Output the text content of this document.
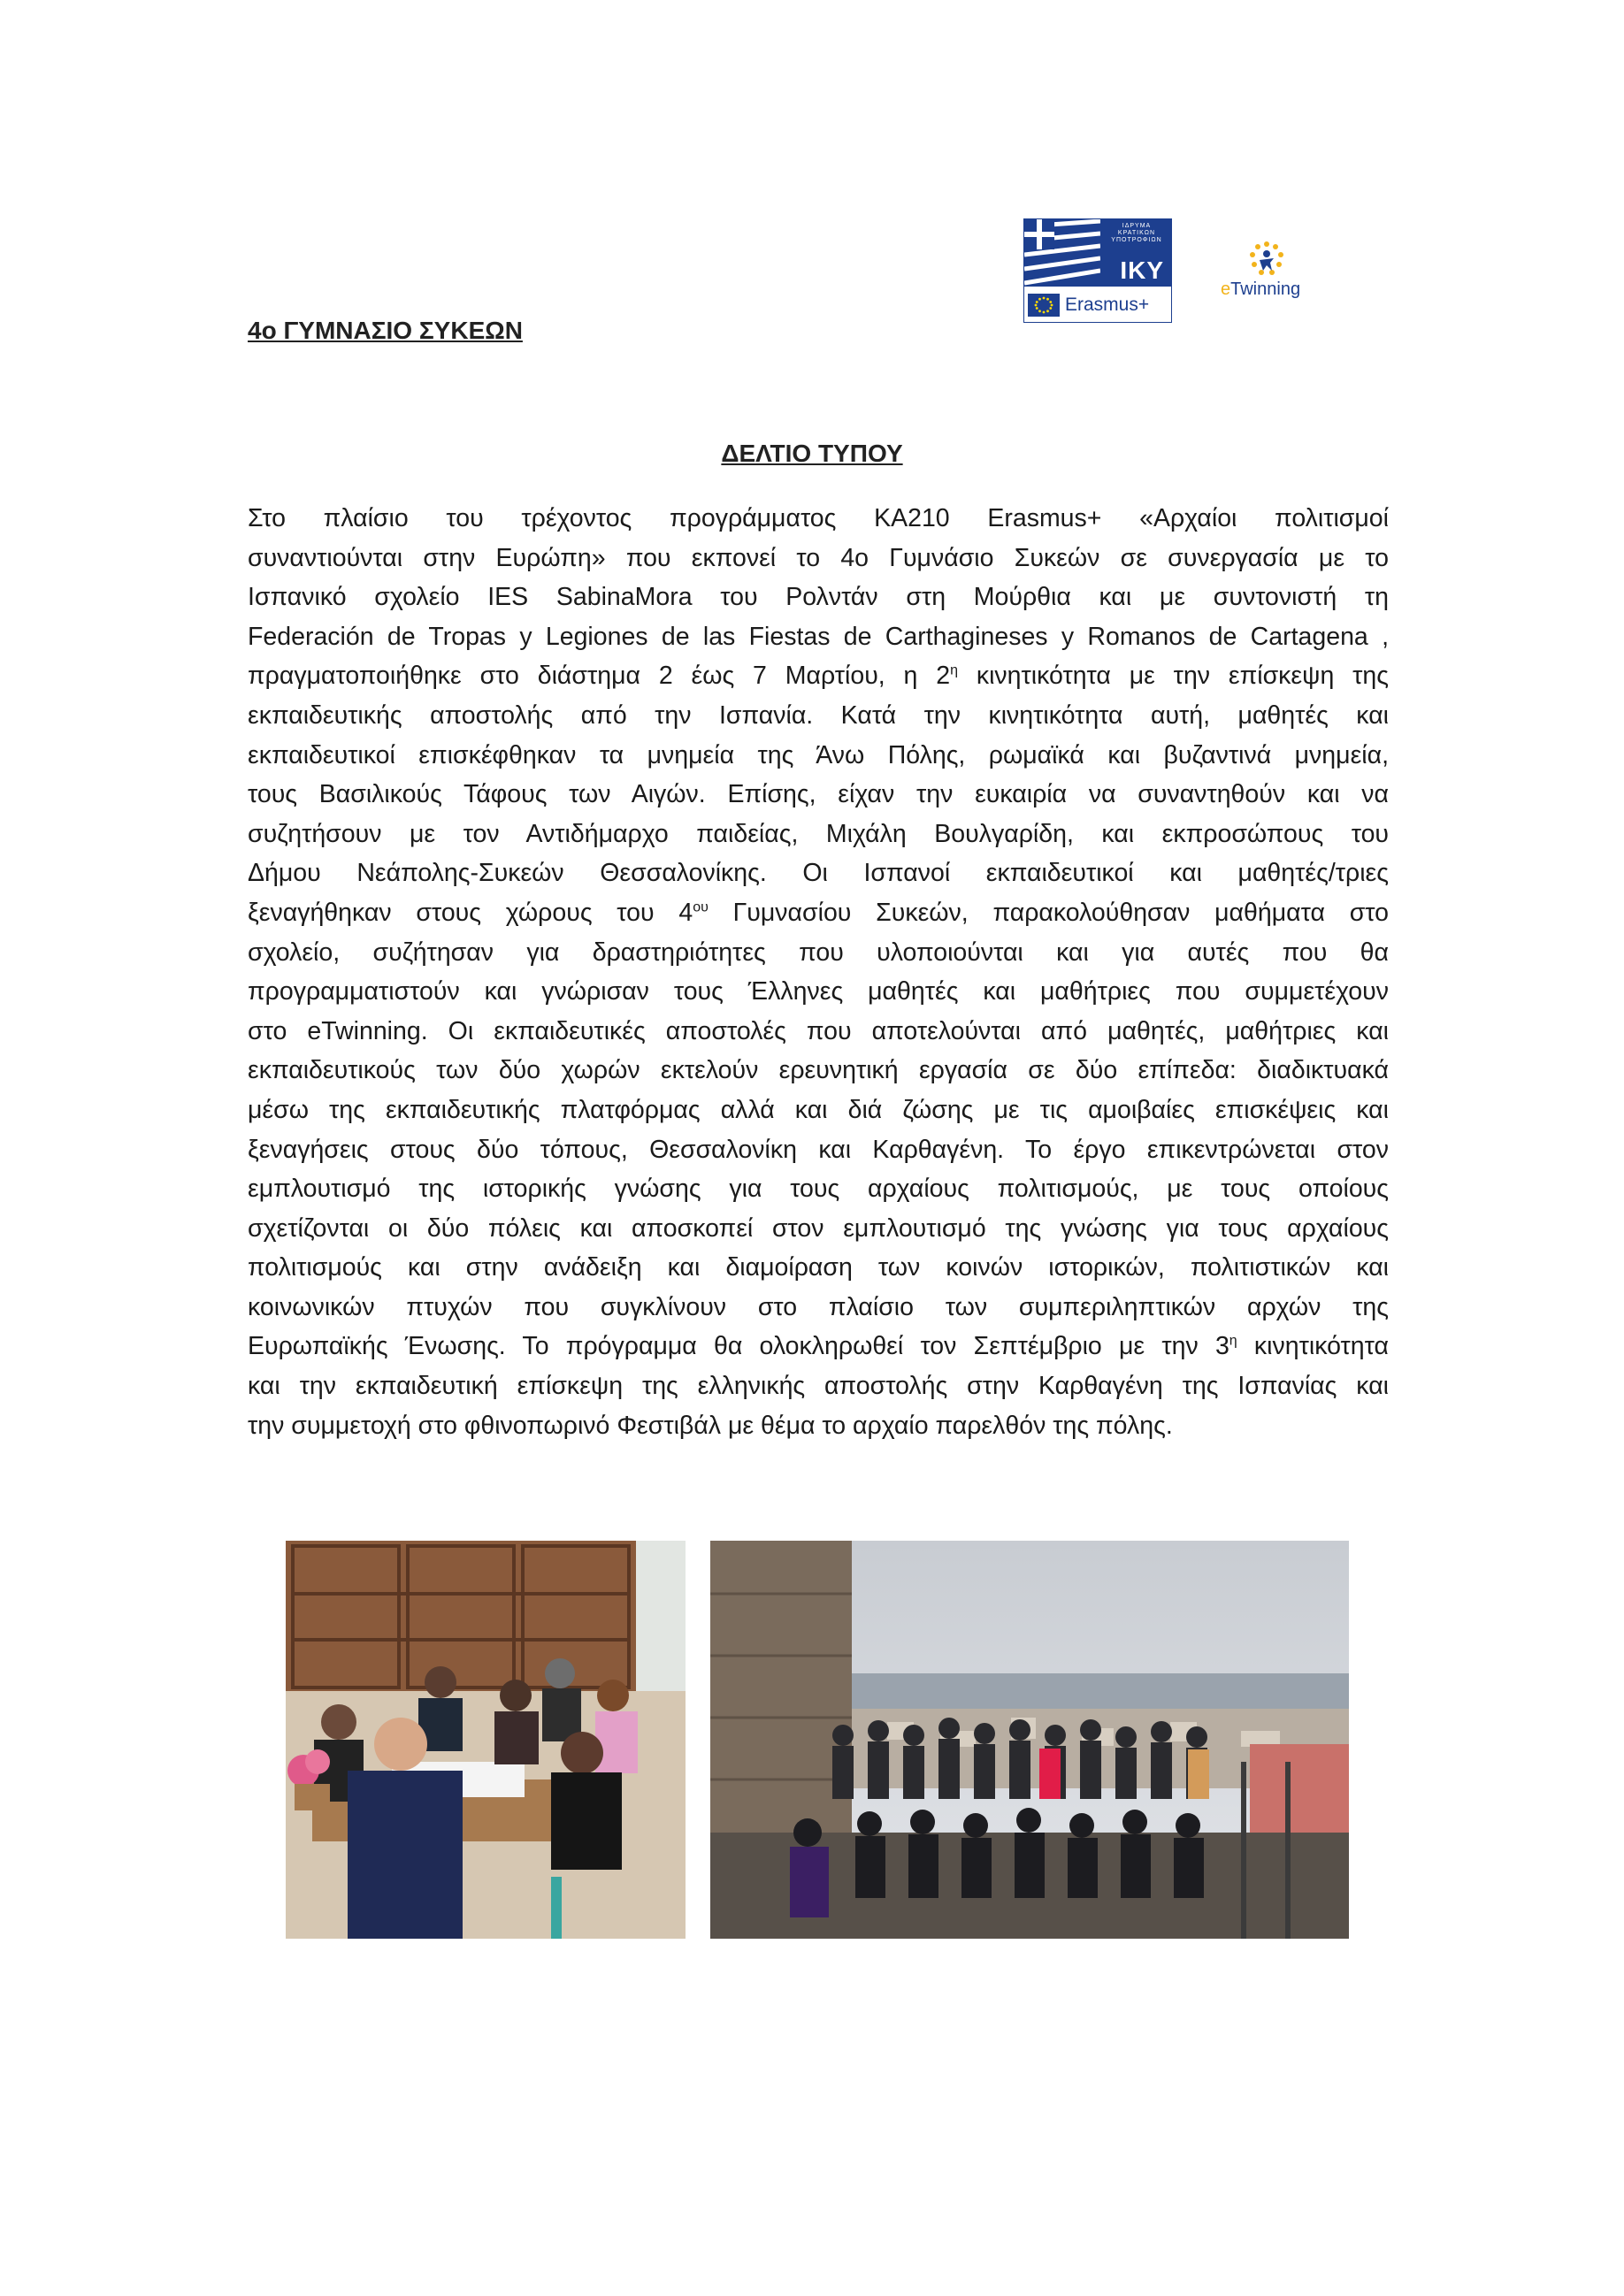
ΙΔΡΥΜΑ
ΚΡΑΤΙΚΩΝ
ΥΠΟΤΡΟΦΙΩΝ
IKY
Erasmus+
eTwinning
4ο ΓΥΜΝΑΣΙΟ ΣΥΚΕΩΝ
ΔΕΛΤΙΟ ΤΥΠΟΥ
Στο πλαίσιο του τρέχοντος προγράμματος ΚΑ210 Erasmus+ «Αρχαίοι πολιτισμοί
συναντιούνται στην Ευρώπη» που εκπονεί το 4ο Γυμνάσιο Συκεών σε συνεργασία με το
Ισπανικό σχολείο IES SabinaMora του Ρολντάν στη Μούρθια και με συντονιστή τη
Federación de Tropas y Legiones de las Fiestas de Carthagineses y Romanos de Cartagena ,
πραγματοποιήθηκε στο διάστημα 2 έως 7 Μαρτίου, η $2^\eta$ κινητικότητα με την επίσκεψη της
εκπαιδευτικής αποστολής από την Ισπανία. Κατά την κινητικότητα αυτή, μαθητές και
εκπαιδευτικοί επισκέφθηκαν τα μνημεία της Άνω Πόλης, ρωμαϊκά και βυζαντινά μνημεία,
τους Βασιλικούς Τάφους των Αιγών. Επίσης, είχαν την ευκαιρία να συναντηθούν και να
συζητήσουν με τον Αντιδήμαρχο παιδείας, Μιχάλη Βουλγαρίδη, και εκπροσώπους του
Δήμου Νεάπολης-Συκεών Θεσσαλονίκης. Οι Ισπανοί εκπαιδευτικοί και μαθητές/τριες
ξεναγήθηκαν στους χώρους του $4^{o\upsilon}$ Γυμνασίου Συκεών, παρακολούθησαν μαθήματα στο
σχολείο, συζήτησαν για δραστηριότητες που υλοποιούνται και για αυτές που θα
προγραμματιστούν και γνώρισαν τους Έλληνες μαθητές και μαθήτριες που συμμετέχουν
στο eTwinning. Οι εκπαιδευτικές αποστολές που αποτελούνται από μαθητές, μαθήτριες και
εκπαιδευτικούς των δύο χωρών εκτελούν ερευνητική εργασία σε δύο επίπεδα: διαδικτυακά
μέσω της εκπαιδευτικής πλατφόρμας αλλά και διά ζώσης με τις αμοιβαίες επισκέψεις και
ξεναγήσεις στους δύο τόπους, Θεσσαλονίκη και Καρθαγένη. Το έργο επικεντρώνεται στον
εμπλουτισμό της ιστορικής γνώσης για τους αρχαίους πολιτισμούς, με τους οποίους
σχετίζονται οι δύο πόλεις και αποσκοπεί στον εμπλουτισμό της γνώσης για τους αρχαίους
πολιτισμούς και στην ανάδειξη και διαμοίραση των κοινών ιστορικών, πολιτιστικών και
κοινωνικών πτυχών που συγκλίνουν στο πλαίσιο των συμπεριληπτικών αρχών της
Ευρωπαϊκής Ένωσης. Το πρόγραμμα θα ολοκληρωθεί τον Σεπτέμβριο με την $3^\eta$ κινητικότητα
και την εκπαιδευτική επίσκεψη της ελληνικής αποστολής στην Καρθαγένη της Ισπανίας και
την συμμετοχή στο φθινοπωρινό Φεστιβάλ με θέμα το αρχαίο παρελθόν της πόλης.
